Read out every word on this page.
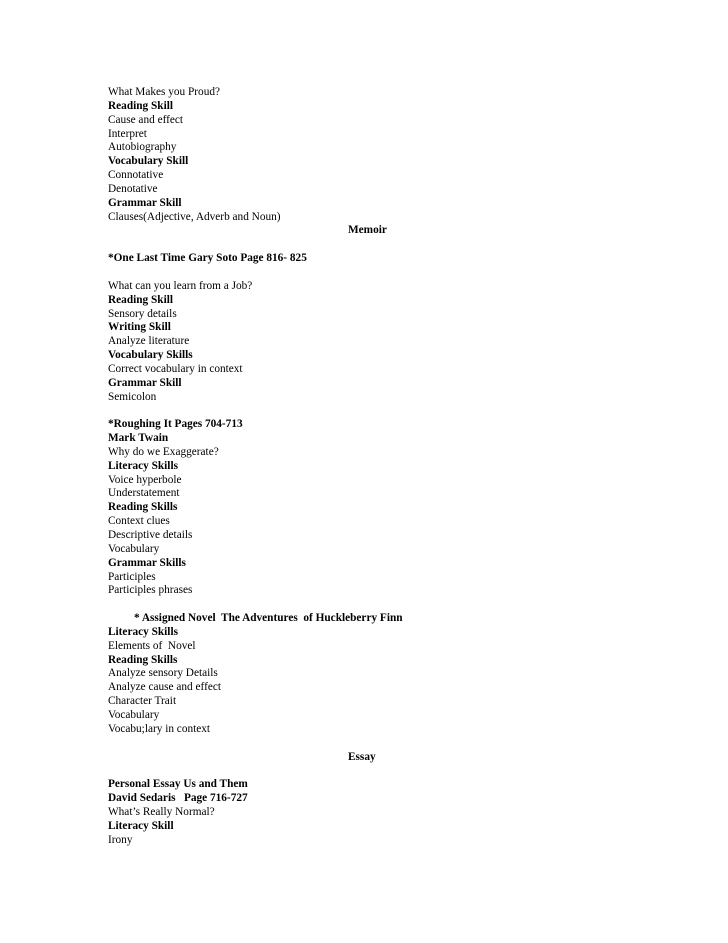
What Makes you Proud?
Reading Skill
Cause and effect
Interpret
Autobiography
Vocabulary Skill
Connotative
Denotative
Grammar Skill
Clauses(Adjective, Adverb and Noun)
Memoir
*One Last Time Gary Soto Page 816- 825
What can you learn from a Job?
Reading Skill
Sensory details
Writing Skill
Analyze literature
Vocabulary Skills
Correct vocabulary in context
Grammar Skill
Semicolon
*Roughing It Pages 704-713
Mark Twain
Why do we Exaggerate?
Literacy Skills
Voice hyperbole
Understatement
Reading Skills
Context clues
Descriptive details
Vocabulary
Grammar Skills
Participles
Participles phrases
* Assigned Novel  The Adventures  of Huckleberry Finn
Literacy Skills
Elements of  Novel
Reading Skills
Analyze sensory Details
Analyze cause and effect
Character Trait
Vocabulary
Vocabu;lary in context
Essay
Personal Essay Us and Them
David Sedaris   Page 716-727
What’s Really Normal?
Literacy Skill
Irony
